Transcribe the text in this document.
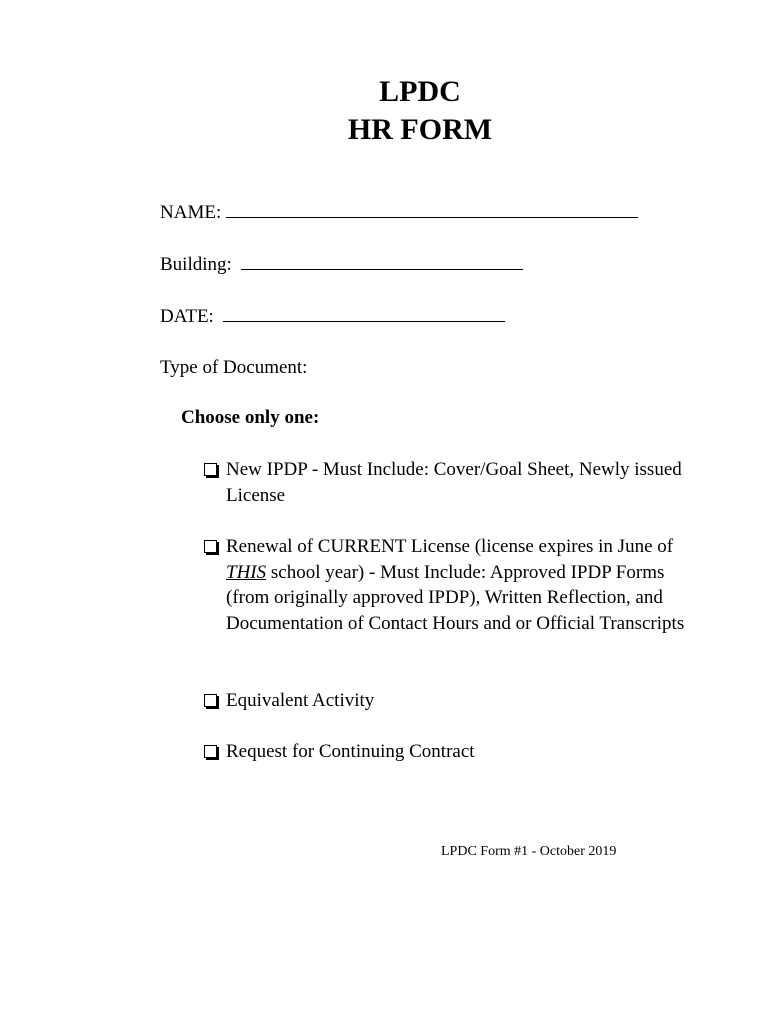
LPDC
HR FORM
NAME:
Building:
DATE:
Type of Document:
Choose only one:
New IPDP - Must Include: Cover/Goal Sheet, Newly issued License
Renewal of CURRENT License (license expires in June of THIS school year) - Must Include: Approved IPDP Forms (from originally approved IPDP), Written Reflection, and Documentation of Contact Hours and or Official Transcripts
Equivalent Activity
Request for Continuing Contract
LPDC Form #1 - October 2019
